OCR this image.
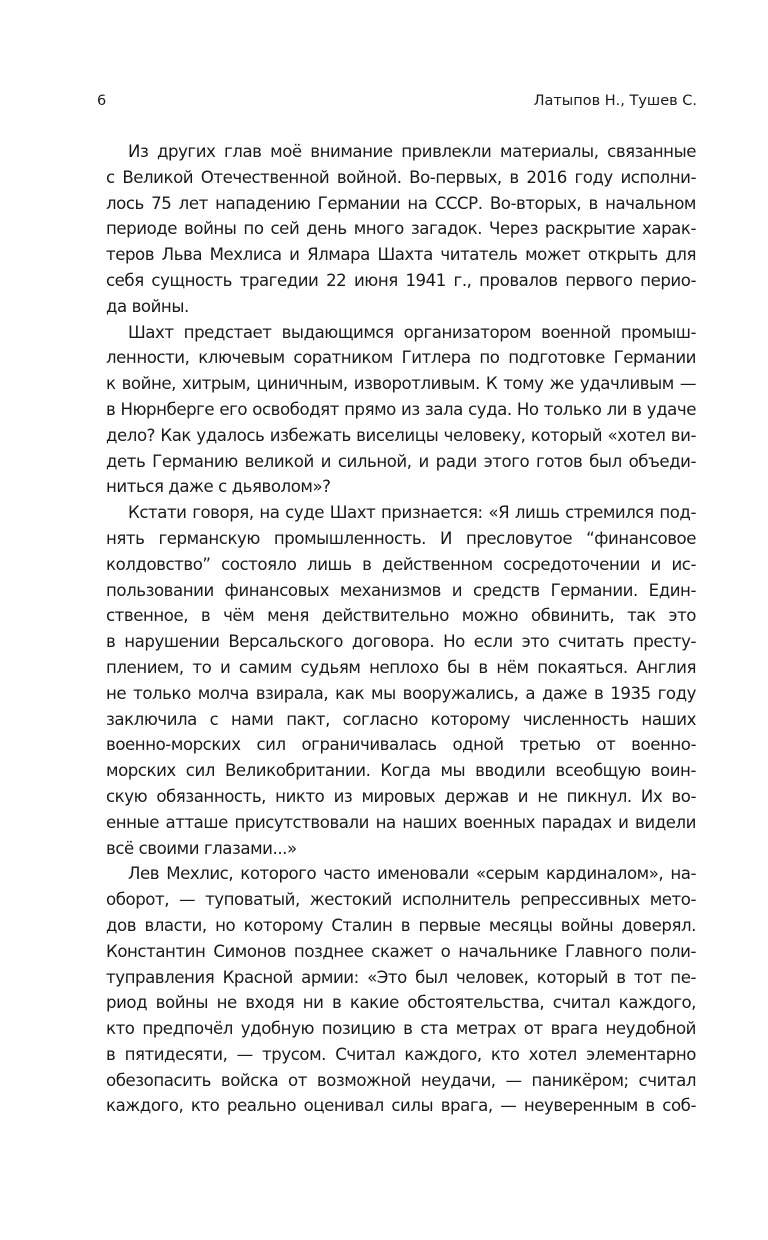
6	Латыпов Н., Тушев С.
Из других глав моё внимание привлекли материалы, связанные
с Великой Отечественной войной. Во-первых, в 2016 году исполни-
лось 75 лет нападению Германии на СССР. Во-вторых, в начальном
периоде войны по сей день много загадок. Через раскрытие харак-
теров Льва Мехлиса и Ялмара Шахта читатель может открыть для
себя сущность трагедии 22 июня 1941 г., провалов первого перио-
да войны.
Шахт предстает выдающимся организатором военной промыш-
ленности, ключевым соратником Гитлера по подготовке Германии
к войне, хитрым, циничным, изворотливым. К тому же удачливым —
в Нюрнберге его освободят прямо из зала суда. Но только ли в удаче
дело? Как удалось избежать виселицы человеку, который «хотел ви-
деть Германию великой и сильной, и ради этого готов был объеди-
ниться даже с дьяволом»?
Кстати говоря, на суде Шахт признается: «Я лишь стремился под-
нять германскую промышленность. И пресловутое “финансовое
колдовство” состояло лишь в действенном сосредоточении и ис-
пользовании финансовых механизмов и средств Германии. Един-
ственное, в чём меня действительно можно обвинить, так это
в нарушении Версальского договора. Но если это считать престу-
плением, то и самим судьям неплохо бы в нём покаяться. Англия
не только молча взирала, как мы вооружались, а даже в 1935 году
заключила с нами пакт, согласно которому численность наших
военно-морских сил ограничивалась одной третью от военно-
морских сил Великобритании. Когда мы вводили всеобщую воин-
скую обязанность, никто из мировых держав и не пикнул. Их во-
енные атташе присутствовали на наших военных парадах и видели
всё своими глазами...»
Лев Мехлис, которого часто именовали «серым кардиналом», на-
оборот, — туповатый, жестокий исполнитель репрессивных мето-
дов власти, но которому Сталин в первые месяцы войны доверял.
Константин Симонов позднее скажет о начальнике Главного поли-
туправления Красной армии: «Это был человек, который в тот пе-
риод войны не входя ни в какие обстоятельства, считал каждого,
кто предпочёл удобную позицию в ста метрах от врага неудобной
в пятидесяти, — трусом. Считал каждого, кто хотел элементарно
обезопасить войска от возможной неудачи, — паникёром; считал
каждого, кто реально оценивал силы врага, — неуверенным в соб-
